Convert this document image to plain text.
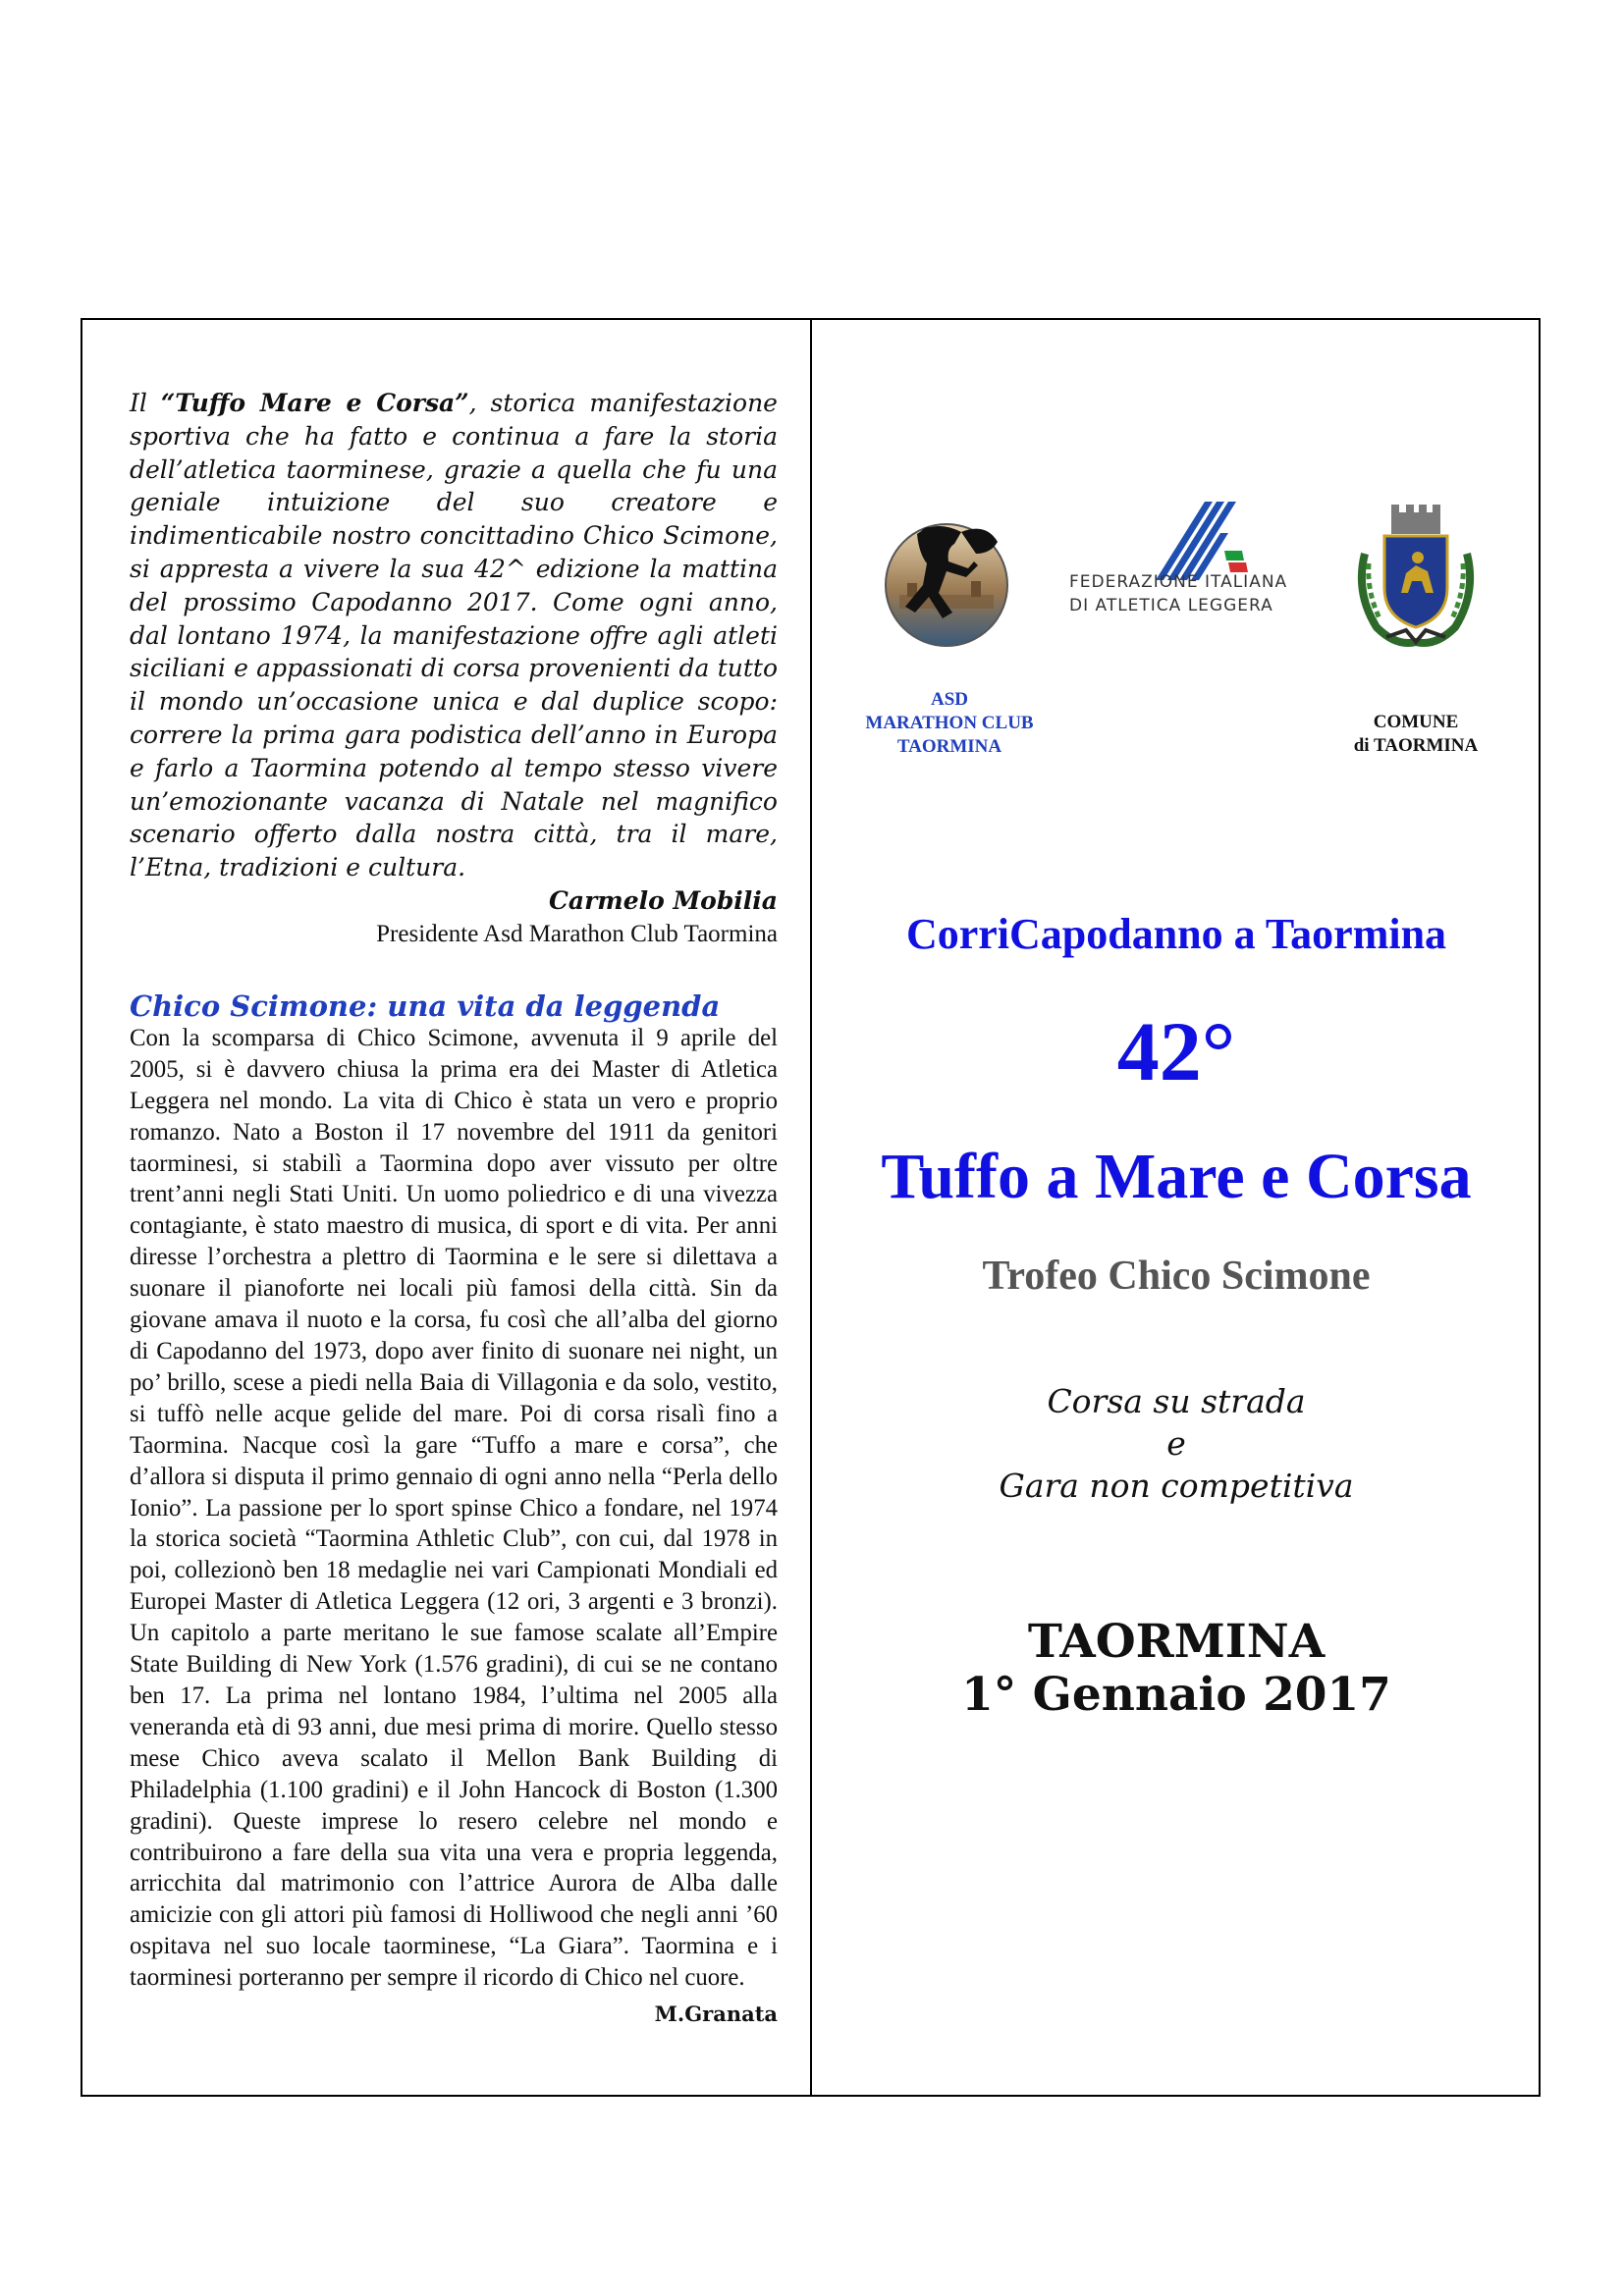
Il “Tuffo Mare e Corsa”, storica manifestazione sportiva che ha fatto e continua a fare la storia dell’atletica taorminese, grazie a quella che fu una geniale intuizione del suo creatore e indimenticabile nostro concittadino Chico Scimone, si appresta a vivere la sua 42^ edizione la mattina del prossimo Capodanno 2017. Come ogni anno, dal lontano 1974, la manifestazione offre agli atleti siciliani e appassionati di corsa provenienti da tutto il mondo un’occasione unica e dal duplice scopo: correre la prima gara podistica dell’anno in Europa e farlo a Taormina potendo al tempo stesso vivere un’emozionante vacanza di Natale nel magnifico scenario offerto dalla nostra città, tra il mare, l’Etna, tradizioni e cultura.

Carmelo Mobilia

Presidente Asd Marathon Club Taormina

Chico Scimone: una vita da leggenda

Con la scomparsa di Chico Scimone, avvenuta il 9 aprile del 2005, si è davvero chiusa la prima era dei Master di Atletica Leggera nel mondo. La vita di Chico è stata un vero e proprio romanzo. Nato a Boston il 17 novembre del 1911 da genitori taorminesi, si stabilì a Taormina dopo aver vissuto per oltre trent’anni negli Stati Uniti. Un uomo poliedrico e di una vivezza contagiante, è stato maestro di musica, di sport e di vita. Per anni diresse l’orchestra a plettro di Taormina e le sere si dilettava a suonare il pianoforte nei locali più famosi della città. Sin da giovane amava il nuoto e la corsa, fu così che all’alba del giorno di Capodanno del 1973, dopo aver finito di suonare nei night, un po’ brillo, scese a piedi nella Baia di Villagonia e da solo, vestito, si tuffò nelle acque gelide del mare. Poi di corsa risalì fino a Taormina. Nacque così la gare “Tuffo a mare e corsa”, che d’allora si disputa il primo gennaio di ogni anno nella “Perla dello Ionio”. La passione per lo sport spinse Chico a fondare, nel 1974 la storica società “Taormina Athletic Club”, con cui, dal 1978 in poi, collezionò ben 18 medaglie nei vari Campionati Mondiali ed Europei Master di Atletica Leggera (12 ori, 3 argenti e 3 bronzi). Un capitolo a parte meritano le sue famose scalate all’Empire State Building di New York (1.576 gradini), di cui se ne contano ben 17. La prima nel lontano 1984, l’ultima nel 2005 alla veneranda età di 93 anni, due mesi prima di morire. Quello stesso mese Chico aveva scalato il Mellon Bank Building di Philadelphia (1.100 gradini) e il John Hancock di Boston (1.300 gradini). Queste imprese lo resero celebre nel mondo e contribuirono a fare della sua vita una vera e propria leggenda, arricchita dal matrimonio con l’attrice Aurora de Alba dalle amicizie con gli attori più famosi di Holliwood che negli anni ’60 ospitava nel suo locale taorminese, “La Giara”. Taormina e i taorminesi porteranno per sempre il ricordo di Chico nel cuore.

M.Granata

ASD
MARATHON CLUB
TAORMINA
FEDERAZIONE ITALIANA
DI ATLETICA LEGGERA
COMUNE
di TAORMINA

CorriCapodanno a Taormina

42°

Tuffo a Mare e Corsa

Trofeo Chico Scimone

Corsa su strada

e

Gara non competitiva

TAORMINA

1° Gennaio 2017
